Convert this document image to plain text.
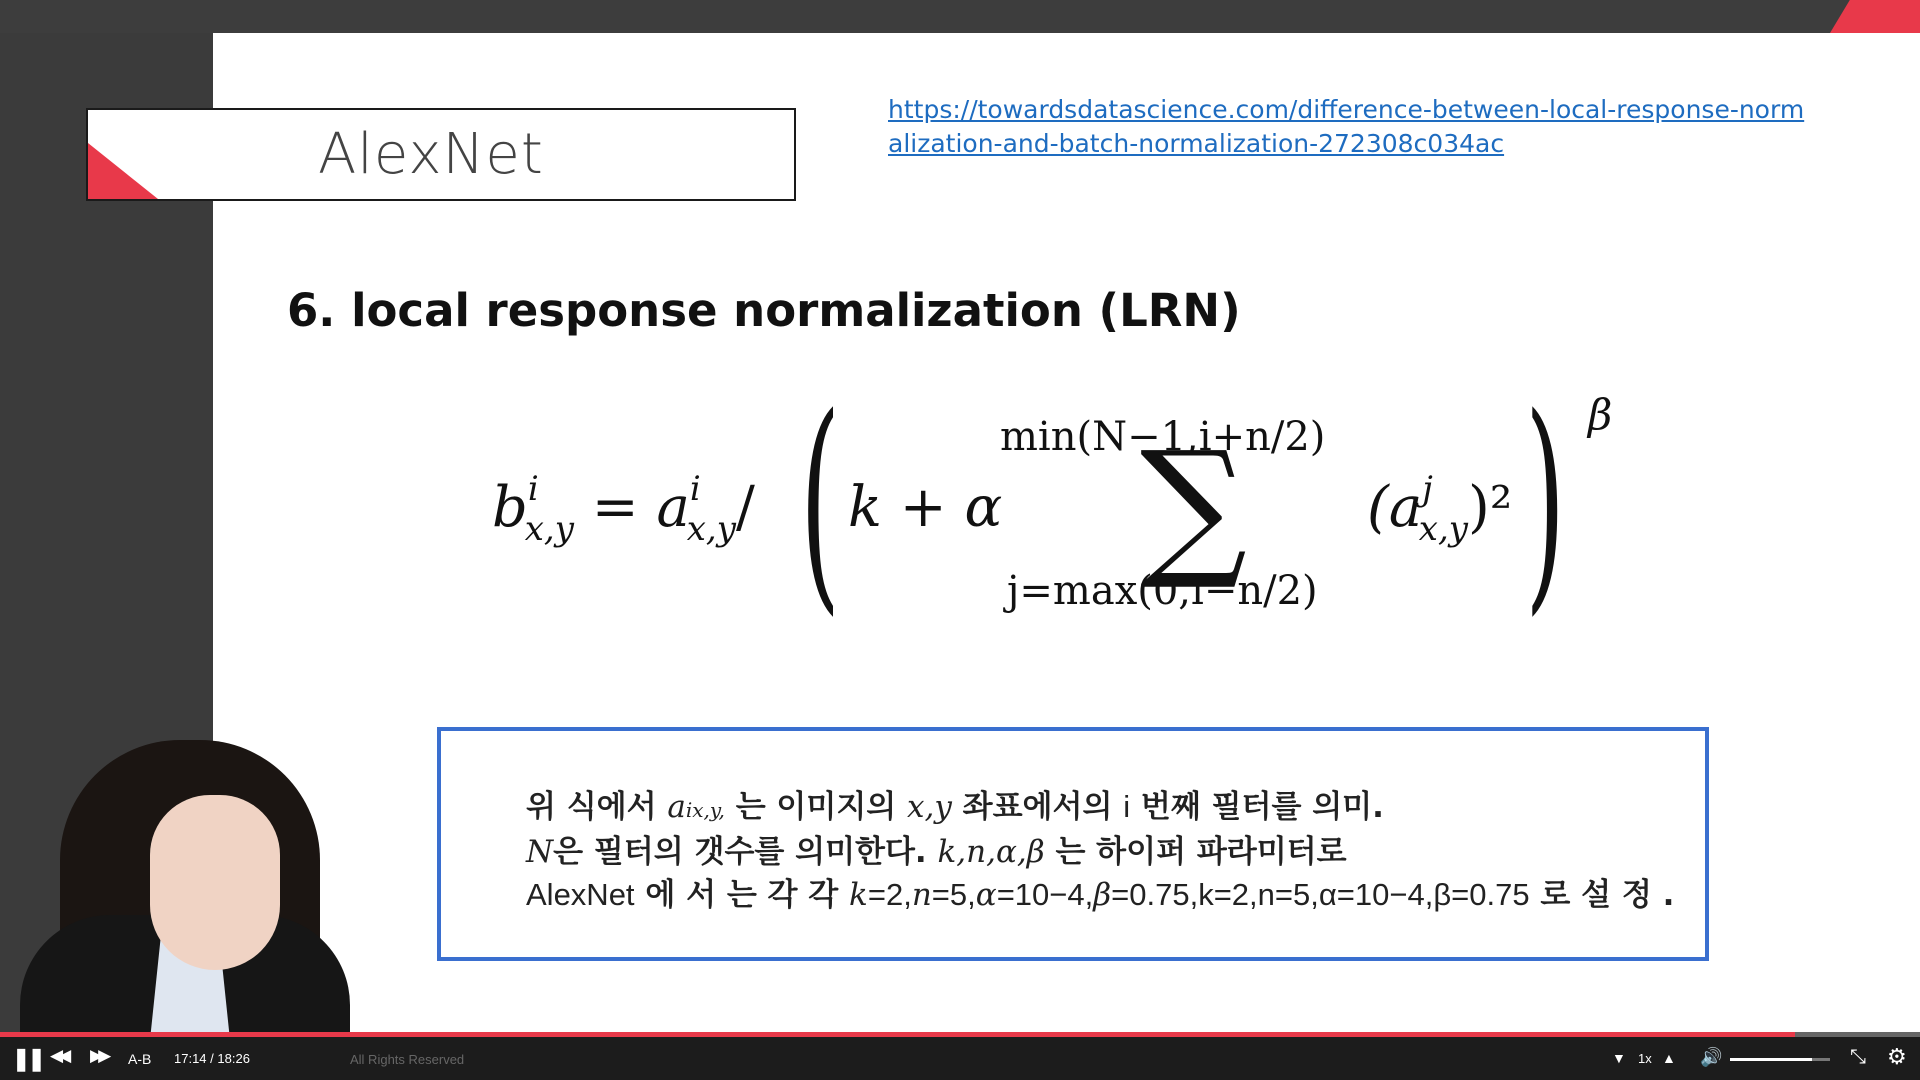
AlexNet
https://towardsdatascience.com/difference-between-local-response-normalization-and-batch-normalization-272308c034ac
6. local response normalization (LRN)
$b^i_{x,y} = a^i_{x,y}/$ ( k + α
min(N−1,i+n/2)
∑
j=max(0,i−n/2)
$(a^j_{x,y})^2$ ) β
위 식에서 aix,y, 는 이미지의 x,y 좌표에서의 i 번째 필터를 의미.
N은 필터의 갯수를 의미한다. k,n,α,β 는 하이퍼 파라미터로
AlexNet 에 서 는 각 각 k=2,n=5,α=10−4,β=0.75,k=2,n=5,α=10−4,β=0.75 로 설 정 .
❚❚ ◀◀ ▶▶ A-B 17:14 / 18:26	All Rights Reserved	▼ 1x ▲ 🔊	⤡ ⚙
